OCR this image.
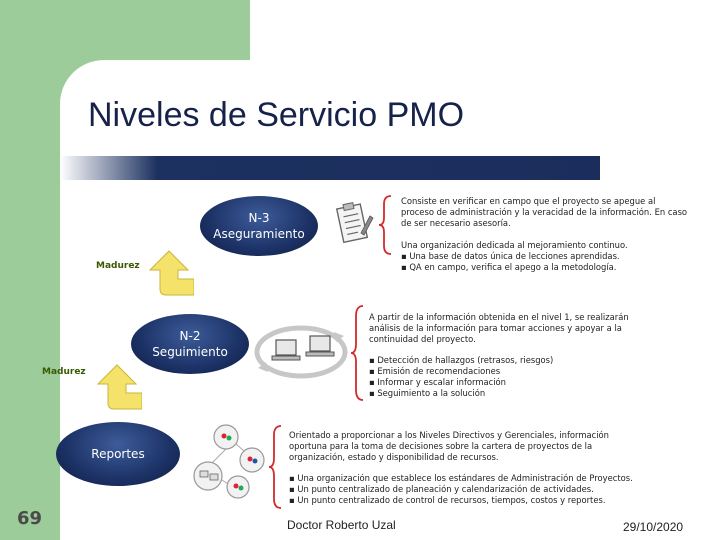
Niveles de Servicio PMO
N-3
Aseguramiento
Consiste en verificar en campo que el proyecto se apegue al proceso de administración y la veracidad de la información. En caso de ser necesario asesoría.
Una organización dedicada al mejoramiento continuo.
▪ Una base de datos única de lecciones aprendidas.
▪ QA en campo, verifica el apego a la metodología.
Madurez
N-2
Seguimiento
A partir de la información obtenida en el nivel 1, se realizarán análisis de la información para tomar acciones y apoyar a la continuidad del proyecto.
▪ Detección de hallazgos (retrasos, riesgos)
▪ Emisión de recomendaciones
▪ Informar y escalar información
▪ Seguimiento a la solución
Madurez
Reportes
Orientado a proporcionar a los Niveles Directivos y Gerenciales, información oportuna para la toma de decisiones sobre la cartera de proyectos de la organización, estado y disponibilidad de recursos.
▪ Una organización que establece los estándares de Administración de Proyectos.
▪ Un punto centralizado de planeación y calendarización de actividades.
▪ Un punto centralizado de control de recursos, tiempos, costos y reportes.
69	Doctor Roberto Uzal	29/10/2020
